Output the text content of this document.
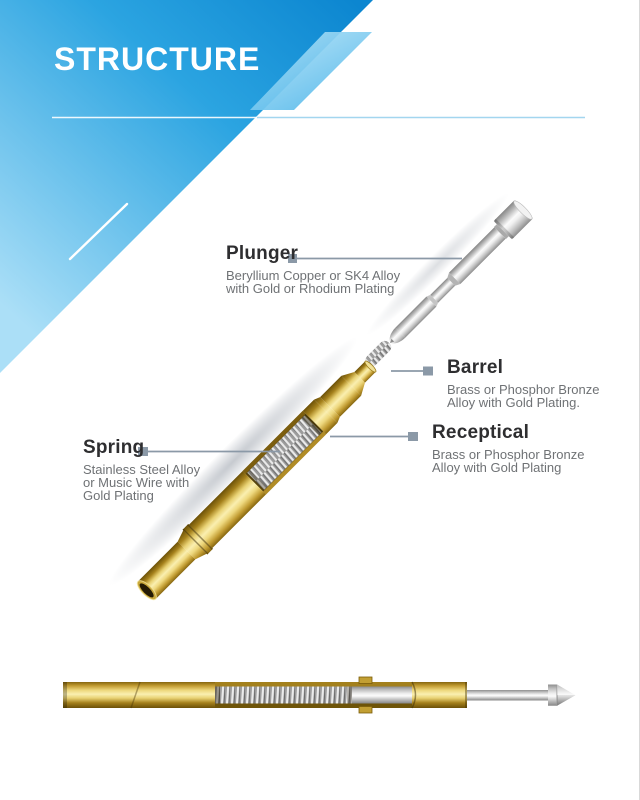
STRUCTURE
Plunger
Beryllium Copper or SK4 Alloy
with Gold or Rhodium Plating
Barrel
Brass or Phosphor Bronze
Alloy with Gold Plating.
Spring
Stainless Steel Alloy
or Music Wire with
Gold Plating
Receptical
Brass or Phosphor Bronze
Alloy with Gold Plating
